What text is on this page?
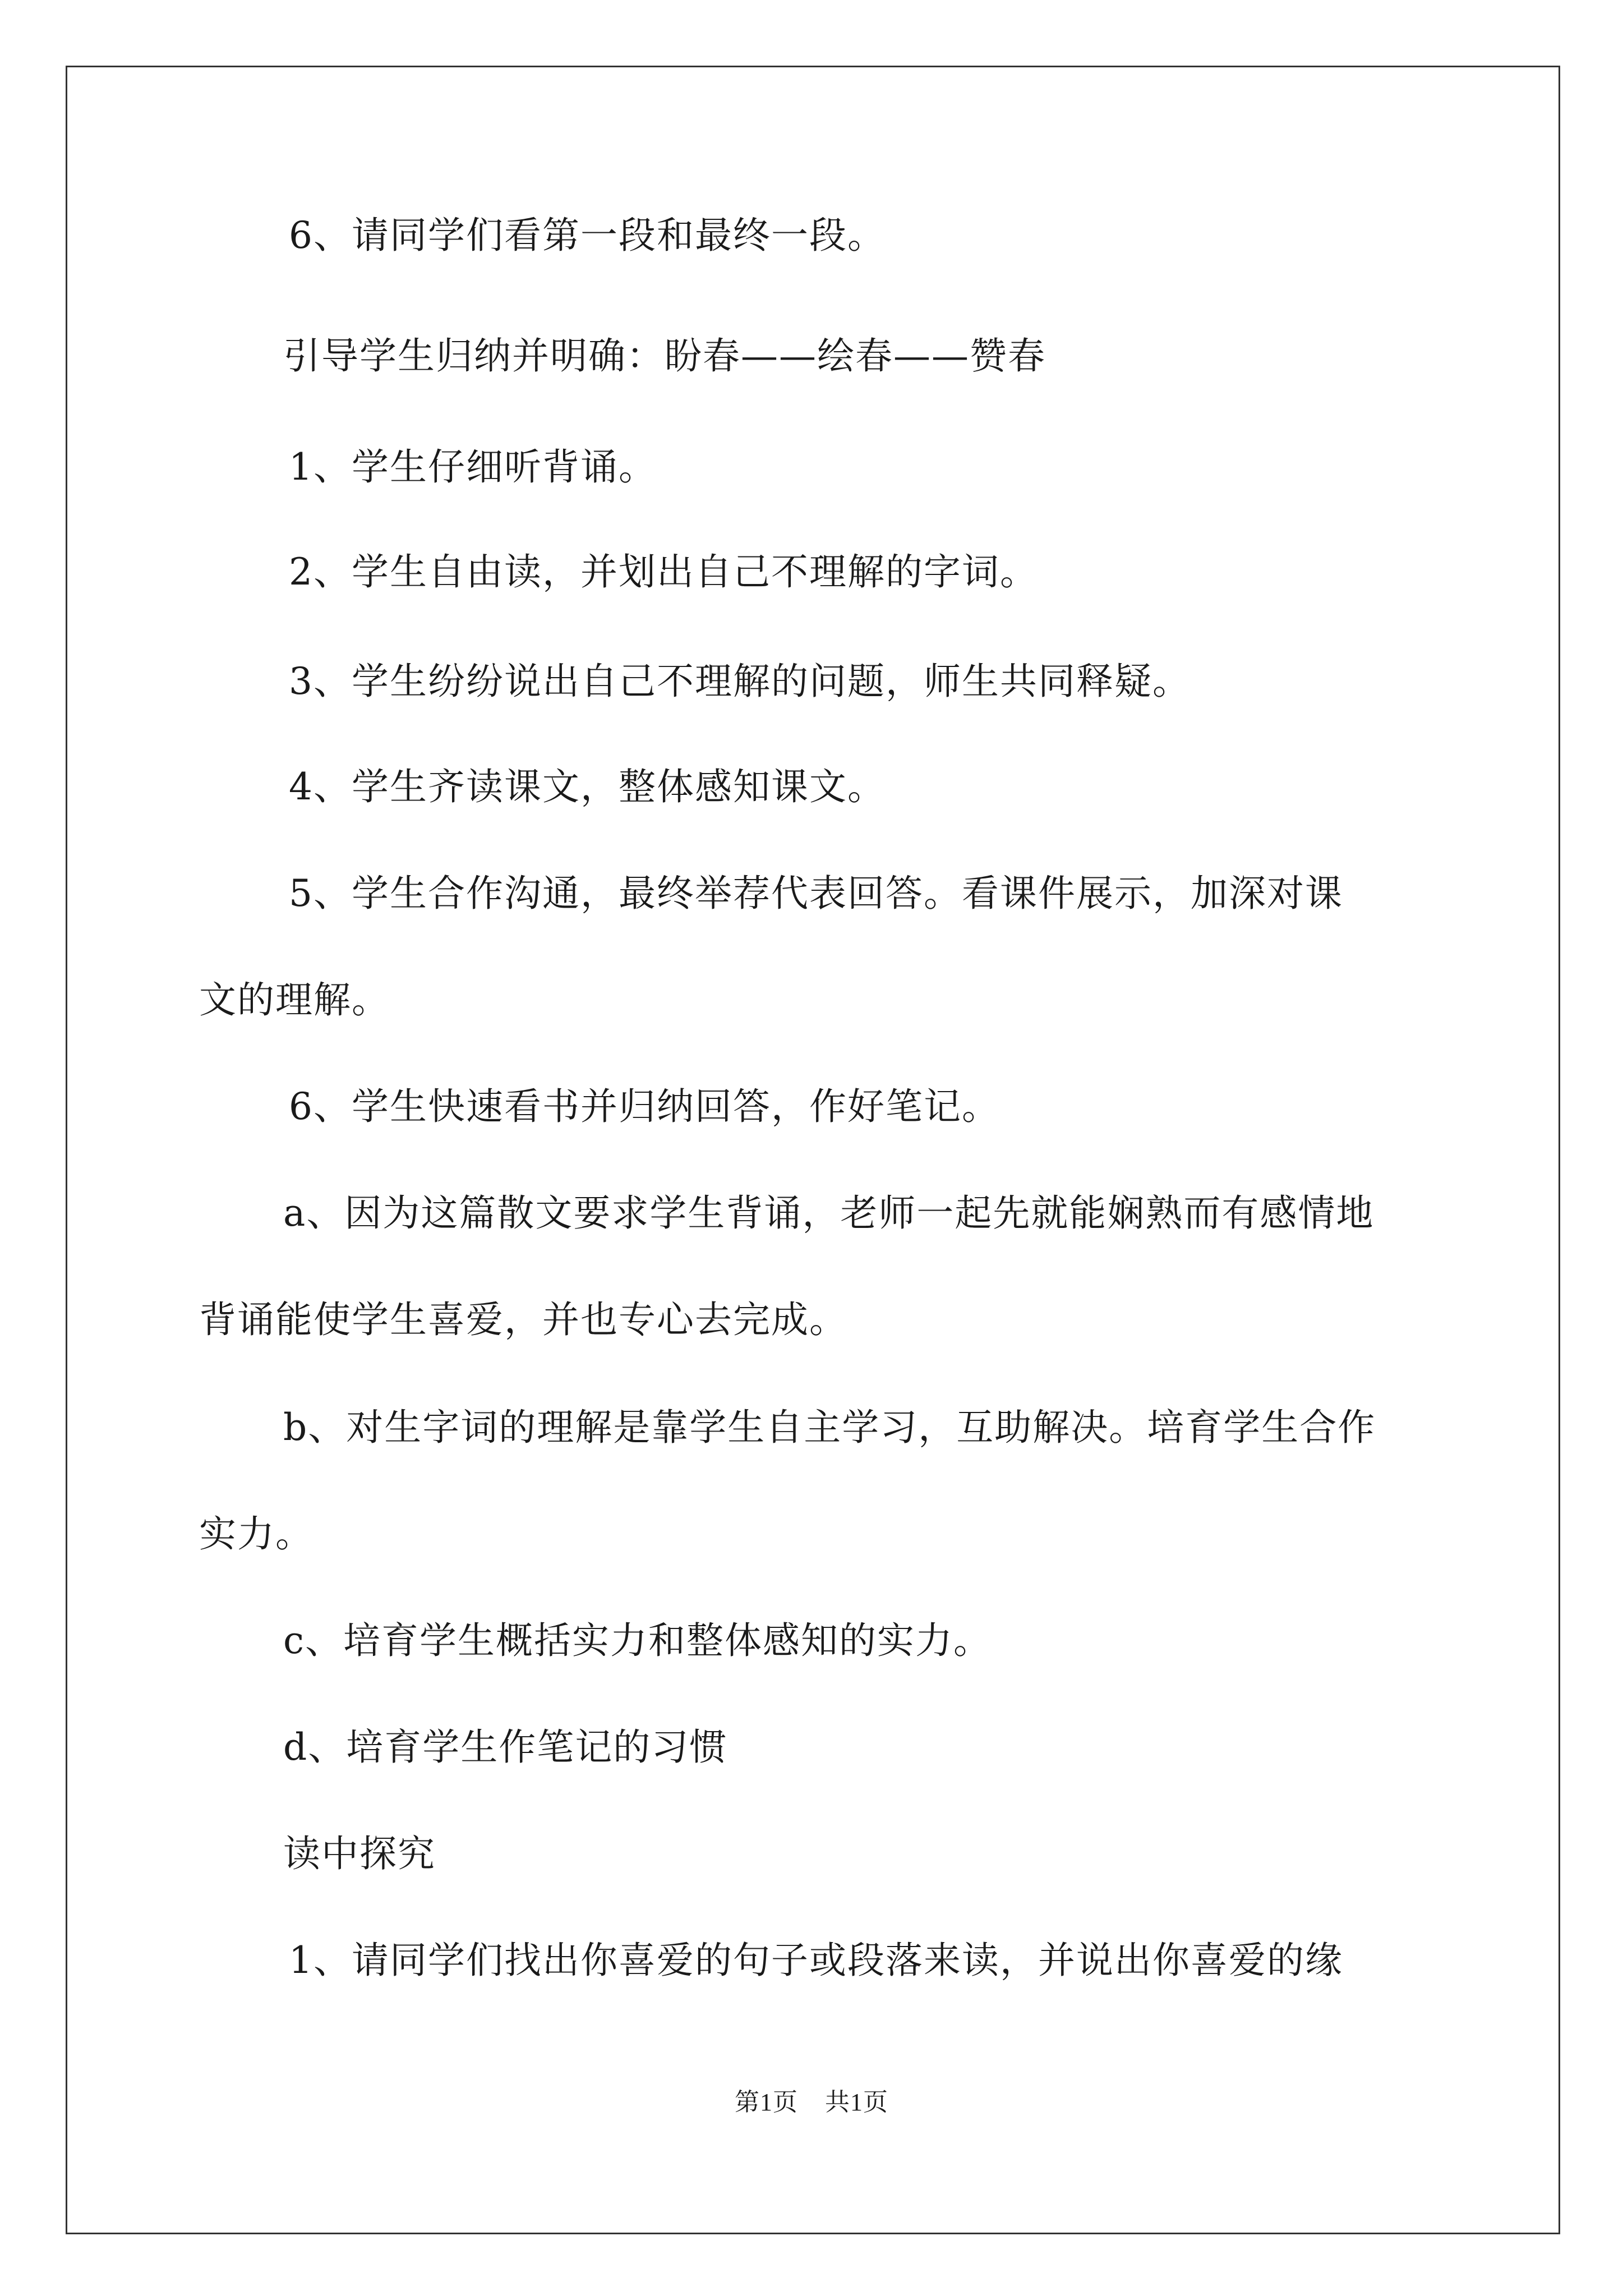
6、请同学们看第一段和最终一段。
引导学生归纳并明确：盼春——绘春——赞春
1、学生仔细听背诵。
2、学生自由读，并划出自己不理解的字词。
3、学生纷纷说出自己不理解的问题，师生共同释疑。
4、学生齐读课文，整体感知课文。
5、学生合作沟通，最终举荐代表回答。看课件展示，加深对课
文的理解。
6、学生快速看书并归纳回答，作好笔记。
a、因为这篇散文要求学生背诵，老师一起先就能娴熟而有感情地
背诵能使学生喜爱，并也专心去完成。
b、对生字词的理解是靠学生自主学习，互助解决。培育学生合作
实力。
c、培育学生概括实力和整体感知的实力。
d、培育学生作笔记的习惯
读中探究
1、请同学们找出你喜爱的句子或段落来读，并说出你喜爱的缘
第1页 共1页
